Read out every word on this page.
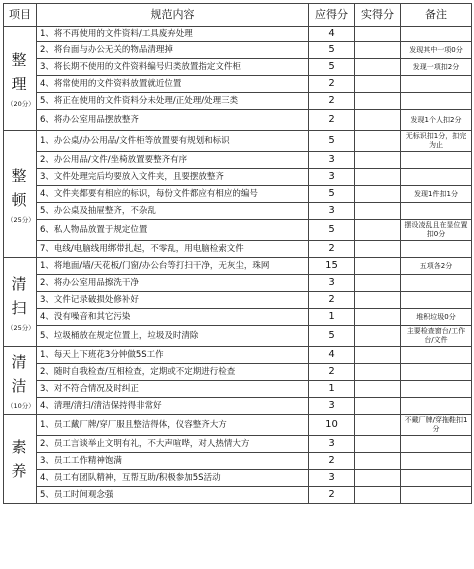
项目	规范内容	应得分	实得分	备注

整
理
（20分）	1、将不再使用的文件资料/工具废弃处理	4		
	2、将台面与办公无关的物品清理掉	5		发现其中一项0分
	3、将长期不使用的文件资料编号归类放置指定文件柜	5		发现一项扣2分
	4、将常使用的文件资料放置就近位置	2		
	5、将正在使用的文件资料分未处理/正处理/处理三类	2		
	6、将办公室用品摆放整齐	2		发现1个人扣2分

整
顿
（25分）	1、办公桌/办公用品/文件柜等放置要有规划和标识	5		无标识扣1分，扣完为止
	2、办公用品/文件/坐椅放置要整齐有序	3		
	3、文件处理完后均要放入文件夹，且要摆放整齐	3		
	4、文件夹都要有相应的标识，每份文件都应有相应的编号	5		发现1件扣1分
	5、办公桌及抽屉整齐，不杂乱	3		
	6、私人物品放置于规定位置	5		摆设凌乱且在显位置扣0分
	7、电线/电脑线用绑带扎起，不零乱，用电脑检索文件	2		

清
扫
（25分）	1、将地面/墙/天花板/门窗/办公台等打扫干净，无灰尘，珠网	15		五项各2分
	2、将办公室用品擦洗干净	3		
	3、文件记录破损处修补好	2		
	4、没有噪音和其它污染	1		堆积垃圾0分
	5、垃圾桶放在规定位置上，垃圾及时清除	5		主要检查窗台/工作台/文件

清
洁
（10分）	1、每天上下班花3分钟做5S工作	4		
	2、随时自我检查/互相检查，定期或不定期进行检查	2		
	3、对不符合情况及时纠正	1		
	4、清理/清扫/清洁保持得非常好	3		

素
养	1、员工戴厂牌/穿厂服且整洁得体，仪容整齐大方	10		不戴厂牌/穿拖鞋扣1分
	2、员工言谈举止文明有礼，不大声喧哗，对人热情大方	3		
	3、员工工作精神饱满	2		
	4、员工有团队精神，互帮互助/积极参加5S活动	3		
	5、员工时间观念强	2		
